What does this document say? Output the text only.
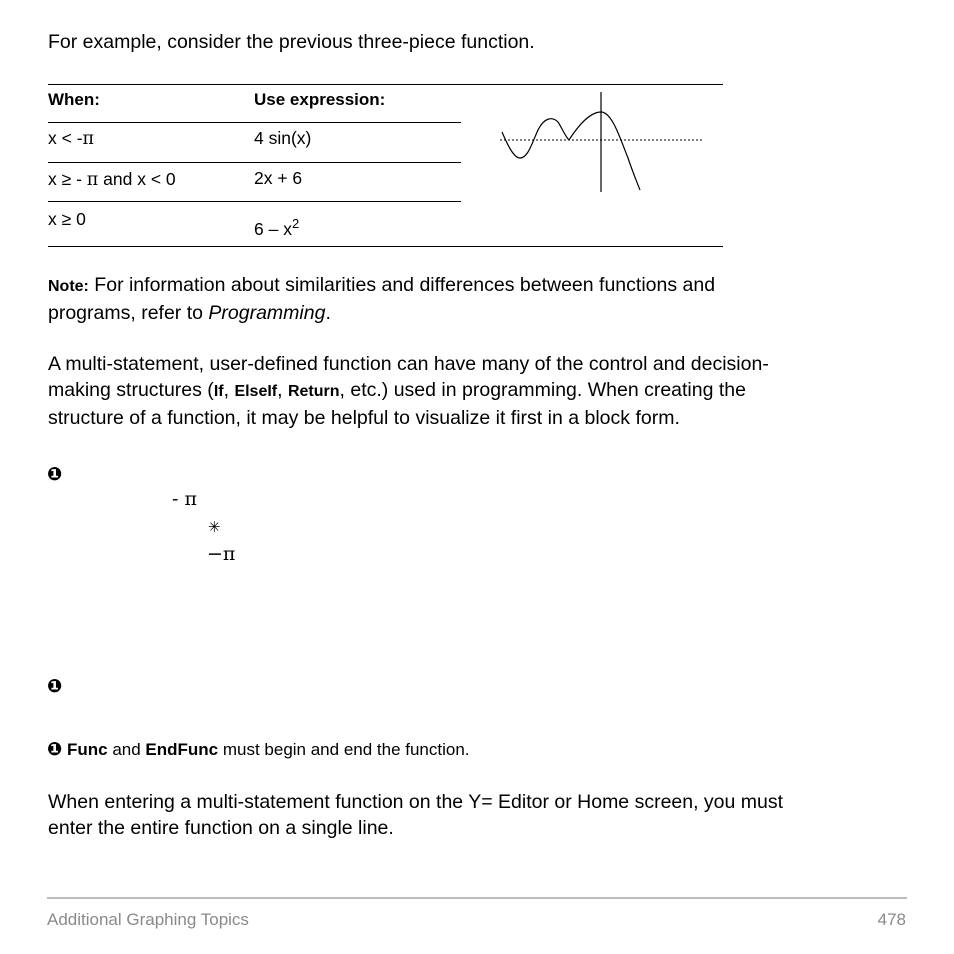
For example, consider the previous three-piece function.
When:	Use expression:
x < -π	4 sin(x)
x ≥ - π and x < 0	2x + 6
x ≥ 0	$6 - x^2$
Note: For information about similarities and differences between functions and
programs, refer to Programming.
A multi-statement, user-defined function can have many of the control and decision-
making structures (If, ElseIf, Return, etc.) used in programming. When creating the
structure of a function, it may be helpful to visualize it first in a block form.
❶
- π
✳
−π
❶
❶ Func and EndFunc must begin and end the function.
When entering a multi-statement function on the Y= Editor or Home screen, you must
enter the entire function on a single line.
Additional Graphing Topics	478
